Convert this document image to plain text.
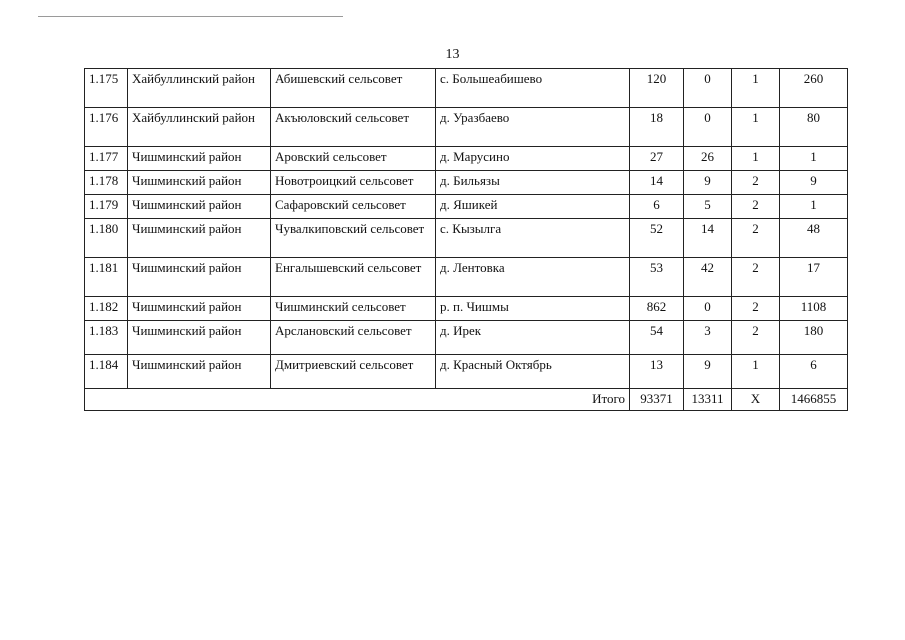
13
1.175	Хайбуллинский район	Абишевский сельсовет	с. Большеабишево	120	0	1	260
1.176	Хайбуллинский район	Акъюловский сельсовет	д. Уразбаево	18	0	1	80
1.177	Чишминский район	Аровский сельсовет	д. Марусино	27	26	1	1
1.178	Чишминский район	Новотроицкий сельсовет	д. Бильязы	14	9	2	9
1.179	Чишминский район	Сафаровский сельсовет	д. Яшикей	6	5	2	1
1.180	Чишминский район	Чувалкиповский сельсовет	с. Кызылга	52	14	2	48
1.181	Чишминский район	Енгалышевский сельсовет	д. Лентовка	53	42	2	17
1.182	Чишминский район	Чишминский сельсовет	р. п. Чишмы	862	0	2	1108
1.183	Чишминский район	Арслановский сельсовет	д. Ирек	54	3	2	180
1.184	Чишминский район	Дмитриевский сельсовет	д. Красный Октябрь	13	9	1	6
Итого				93371	13311	Х	1466855
